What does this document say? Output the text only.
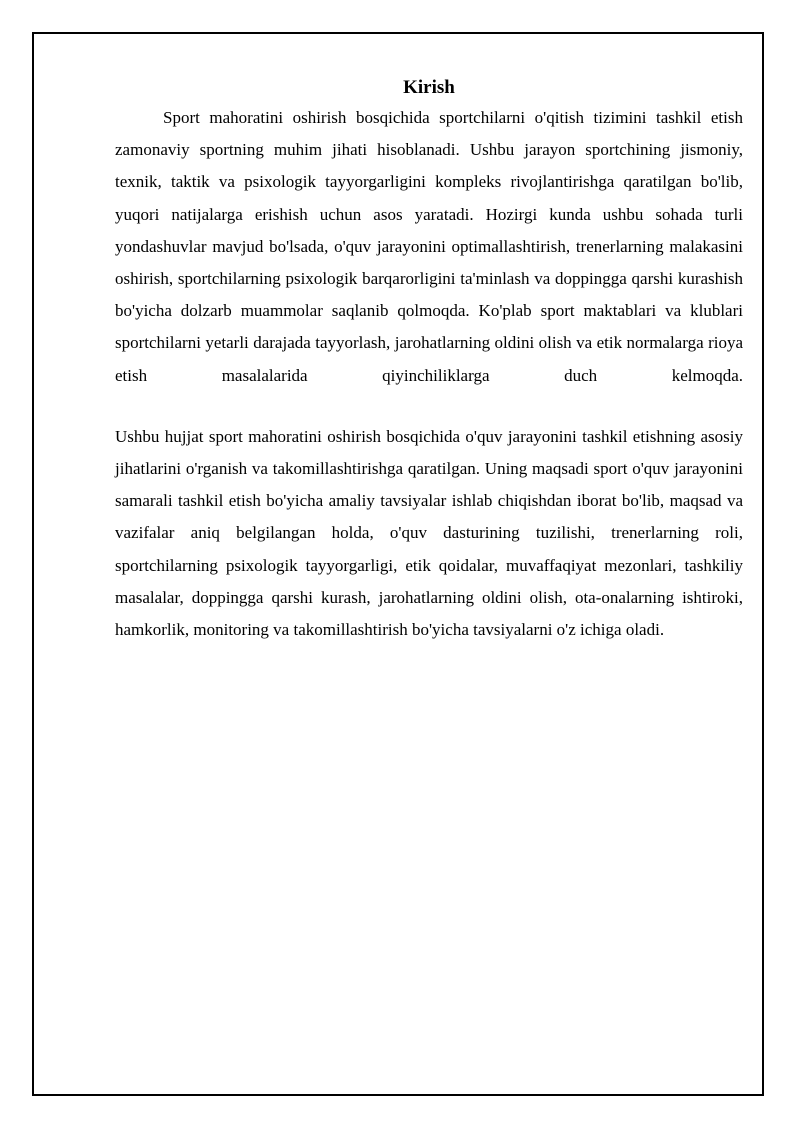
Kirish

Sport mahoratini oshirish bosqichida sportchilarni o'qitish tizimini tashkil etish zamonaviy sportning muhim jihati hisoblanadi. Ushbu jarayon sportchining jismoniy, texnik, taktik va psixologik tayyorgarligini kompleks rivojlantirishga qaratilgan bo'lib, yuqori natijalarga erishish uchun asos yaratadi. Hozirgi kunda ushbu sohada turli yondashuvlar mavjud bo'lsada, o'quv jarayonini optimallashtirish, trenerlarning malakasini oshirish, sportchilarning psixologik barqarorligini ta'minlash va doppingga qarshi kurashish bo'yicha dolzarb muammolar saqlanib qolmoqda. Ko'plab sport maktablari va klublari sportchilarni yetarli darajada tayyorlash, jarohatlarning oldini olish va etik normalarga rioya etish masalalarida qiyinchiliklarga duch kelmoqda.

Ushbu hujjat sport mahoratini oshirish bosqichida o'quv jarayonini tashkil etishning asosiy jihatlarini o'rganish va takomillashtirishga qaratilgan. Uning maqsadi sport o'quv jarayonini samarali tashkil etish bo'yicha amaliy tavsiyalar ishlab chiqishdan iborat bo'lib, maqsad va vazifalar aniq belgilangan holda, o'quv dasturining tuzilishi, trenerlarning roli, sportchilarning psixologik tayyorgarligi, etik qoidalar, muvaffaqiyat mezonlari, tashkiliy masalalar, doppingga qarshi kurash, jarohatlarning oldini olish, ota-onalarning ishtiroki, hamkorlik, monitoring va takomillashtirish bo'yicha tavsiyalarni o'z ichiga oladi.
